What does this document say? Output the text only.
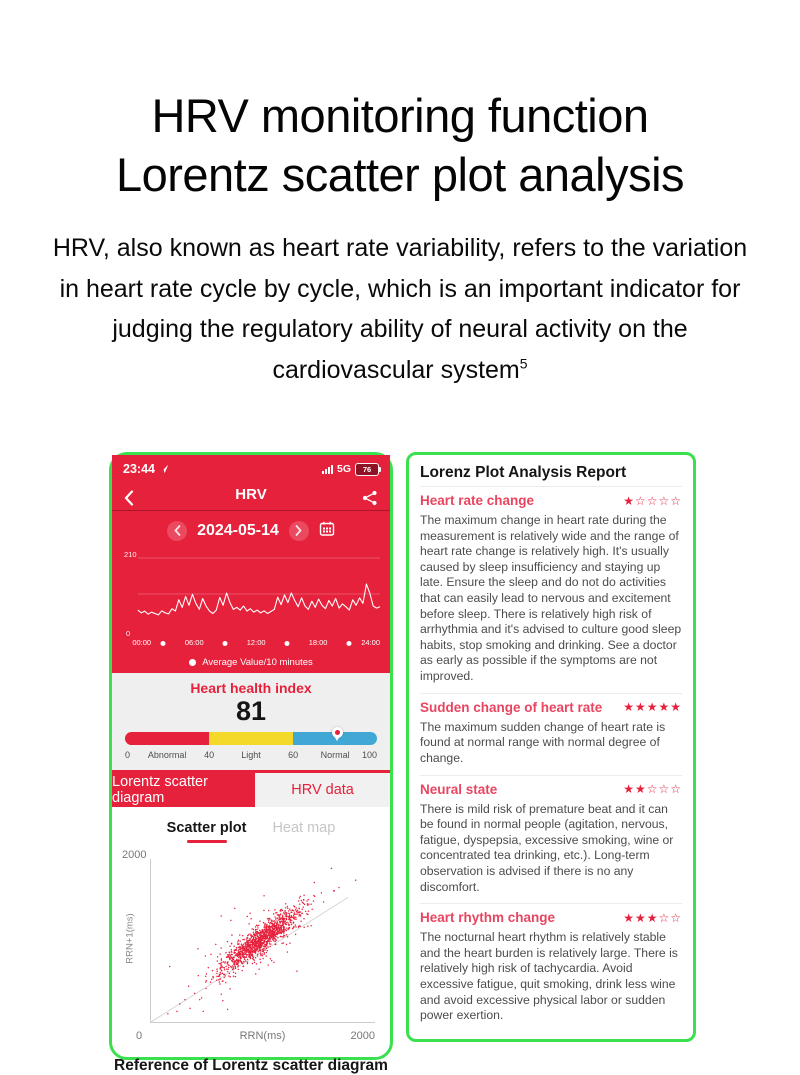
HRV monitoring function
Lorentz scatter plot analysis
HRV, also known as heart rate variability, refers to the variation in heart rate cycle by cycle, which is an important indicator for judging the regulatory ability of neural activity on the cardiovascular system$^5$
23:44	5G 76
HRV
2024-05-14
210
0
00:00	06:00	12:00	18:00	24:00
Average Value/10 minutes
Heart health index
81
0 Abnormal 40	Light	60	Normal 100
Lorentz scatter diagram	HRV data
Scatter plot Heat map
2000
RRN+1(ms)
0	RRN(ms)	2000
Reference of Lorentz scatter diagram
Lorenz Plot Analysis Report
Heart rate change	★☆☆☆☆
The maximum change in heart rate during the measurement is relatively wide and the range of heart rate change is relatively high. It's usually caused by sleep insufficiency and staying up late. Ensure the sleep and do not do activities that can easily lead to nervous and excitement before sleep. There is relatively high risk of arrhythmia and it's advised to culture good sleep habits, stop smoking and drinking. See a doctor as early as possible if the symptoms are not improved.
Sudden change of heart rate ★★★★★
The maximum sudden change of heart rate is found at normal range with normal degree of change.
Neural state	★★☆☆☆
There is mild risk of premature beat and it can be found in normal people (agitation, nervous, fatigue, dyspepsia, excessive smoking, wine or concentrated tea drinking, etc.). Long-term observation is advised if there is no any discomfort.
Heart rhythm change	★★★☆☆
The nocturnal heart rhythm is relatively stable and the heart burden is relatively large. There is relatively high risk of tachycardia. Avoid excessive fatigue, quit smoking, drink less wine and avoid excessive physical labor or sudden power exertion.
